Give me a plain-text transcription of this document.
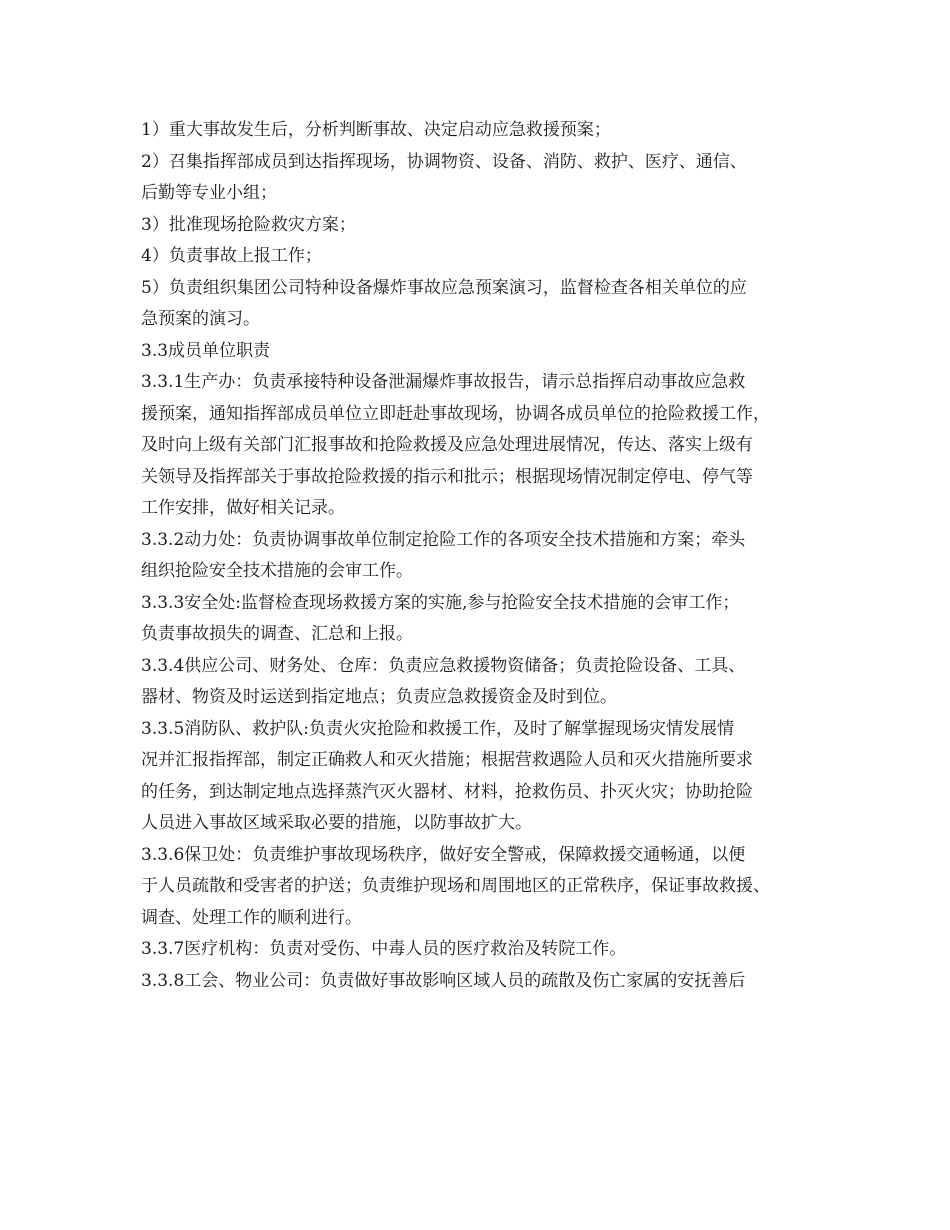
1）重大事故发生后，分析判断事故、决定启动应急救援预案；
2）召集指挥部成员到达指挥现场，协调物资、设备、消防、救护、医疗、通信、
后勤等专业小组；
3）批准现场抢险救灾方案；
4）负责事故上报工作；
5）负责组织集团公司特种设备爆炸事故应急预案演习，监督检查各相关单位的应
急预案的演习。
3.3成员单位职责
3.3.1生产办：负责承接特种设备泄漏爆炸事故报告，请示总指挥启动事故应急救
援预案，通知指挥部成员单位立即赶赴事故现场，协调各成员单位的抢险救援工作，
及时向上级有关部门汇报事故和抢险救援及应急处理进展情况，传达、落实上级有
关领导及指挥部关于事故抢险救援的指示和批示；根据现场情况制定停电、停气等
工作安排，做好相关记录。
3.3.2动力处：负责协调事故单位制定抢险工作的各项安全技术措施和方案；牵头
组织抢险安全技术措施的会审工作。
3.3.3安全处:监督检查现场救援方案的实施,参与抢险安全技术措施的会审工作；
负责事故损失的调查、汇总和上报。
3.3.4供应公司、财务处、仓库：负责应急救援物资储备；负责抢险设备、工具、
器材、物资及时运送到指定地点；负责应急救援资金及时到位。
3.3.5消防队、救护队:负责火灾抢险和救援工作，及时了解掌握现场灾情发展情
况并汇报指挥部，制定正确救人和灭火措施；根据营救遇险人员和灭火措施所要求
的任务，到达制定地点选择蒸汽灭火器材、材料，抢救伤员、扑灭火灾；协助抢险
人员进入事故区域采取必要的措施，以防事故扩大。
3.3.6保卫处：负责维护事故现场秩序，做好安全警戒，保障救援交通畅通，以便
于人员疏散和受害者的护送；负责维护现场和周围地区的正常秩序，保证事故救援、
调查、处理工作的顺利进行。
3.3.7医疗机构：负责对受伤、中毒人员的医疗救治及转院工作。
3.3.8工会、物业公司：负责做好事故影响区域人员的疏散及伤亡家属的安抚善后
